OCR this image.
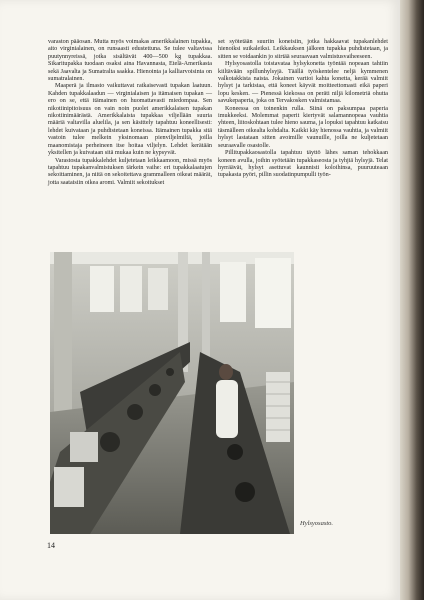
varaston pääosan. Mutta myös voimakas amerikkalainen tupakka, aito virginialainen, on runsaasti edustettuna. Se tulee valtavissa puutynnyreissä, jotka sisältävät 400—500 kg tupakkaa. Sikaritupakka tuodaan osaksi aina Havannasta, Etelä-Amerikasta sekä Jaavalta ja Sumatralta saakka. Hienointa ja kalliarvoisinta on sumatralainen.

Maaperä ja ilmasto vaikuttavat ratkaisevasti tupakan laatuun. Kahden tupakkalaadun — virginialaisen ja itämaisen tupakan — ero on se, että itämainen on huomattavasti miedompaa. Sen nikotiinipitoisuus on vain noin puolet amerikkalaisen tupakan nikotiinimäärästä. Amerikkalaista tupakkaa viljellään suuria määriä valtavilla aluelila, ja sen käsittely tapahtuu koneellisesti: lehdet kuivataan ja puhdistetaan koneissa. Itämainen tupakka sitä vastoin tulee melkein yksinomaan pienviljelmiltä, joilla maanomistaja perheineen itse hoitaa viljelyn. Lehdet kerätään yksitellen ja kuivataan sitä mukaa kuin ne kypsyvät.

Varastosta tupakkalehdet kuljetetaan leikkaamoon, missä myös tapahtuu tupakanvalmistuksen tärkein vaihe: eri tupakkalaatujen sekoittaminen, ja niitä on sekoitettava grammalleen oikeat määrät, jotta saataisiin oikea aromi. Valmiit sekoitukset

set syötetään suuriin koneisiin, jotka hakkaavat tupakanlehdet hienoiksi suikaleiksi. Leikkauksen jälkeen tupakka puhdistetaan, ja sitten se voidaankin jo siirtää seuraavaan valmistusvaiheeseen.

Hylsyosastolla toistavataa hylsykonetta työntää nopeaan tahtiin kiiltävään spillunhylsyjä. Täällä työskentelee neljä kymmenen valkotakkista naista. Jokainen vartioi kahta konetta, kerää valmiit hylsyt ja tarkistaa, että koneet käyvät moitteettomasti eikä paperi lopu kesken. — Pienessä kiekossa on peräti niljä kilometriä ohutta savukepaperia, joka on Tervakosken valmistamaa.

Koneessa on toinenkin rulla. Siinä on paksumpaa paperia imukkeeksi. Molemmat paperit kiertyvät salamannopeaa vauhtia yhteen, liitoskohtaan tulee hieno sauma, ja lopuksi tapahtuu katkaisu täsmälleen oikealta kohdalta. Kaikki käy hienossa vauhtia, ja valmiit hylsyt lastataan sitten avoimille vaunuille, joilla ne kuljetetaan seuraavalle osastolle.

Pillitupakkaosastolla tapahtuu täyttö lähes saman tehokkaan koneen avulla, joihin syötetään tupakkaseosta ja tyhjiä hylsyjä. Telat hyrräävät, hylsyt asettuvat kaunnisti koloihinsa, puuruuteaan tupakasta pyöri, pillin suodatinpumpulli työn-

Hylsyosasto.
14
